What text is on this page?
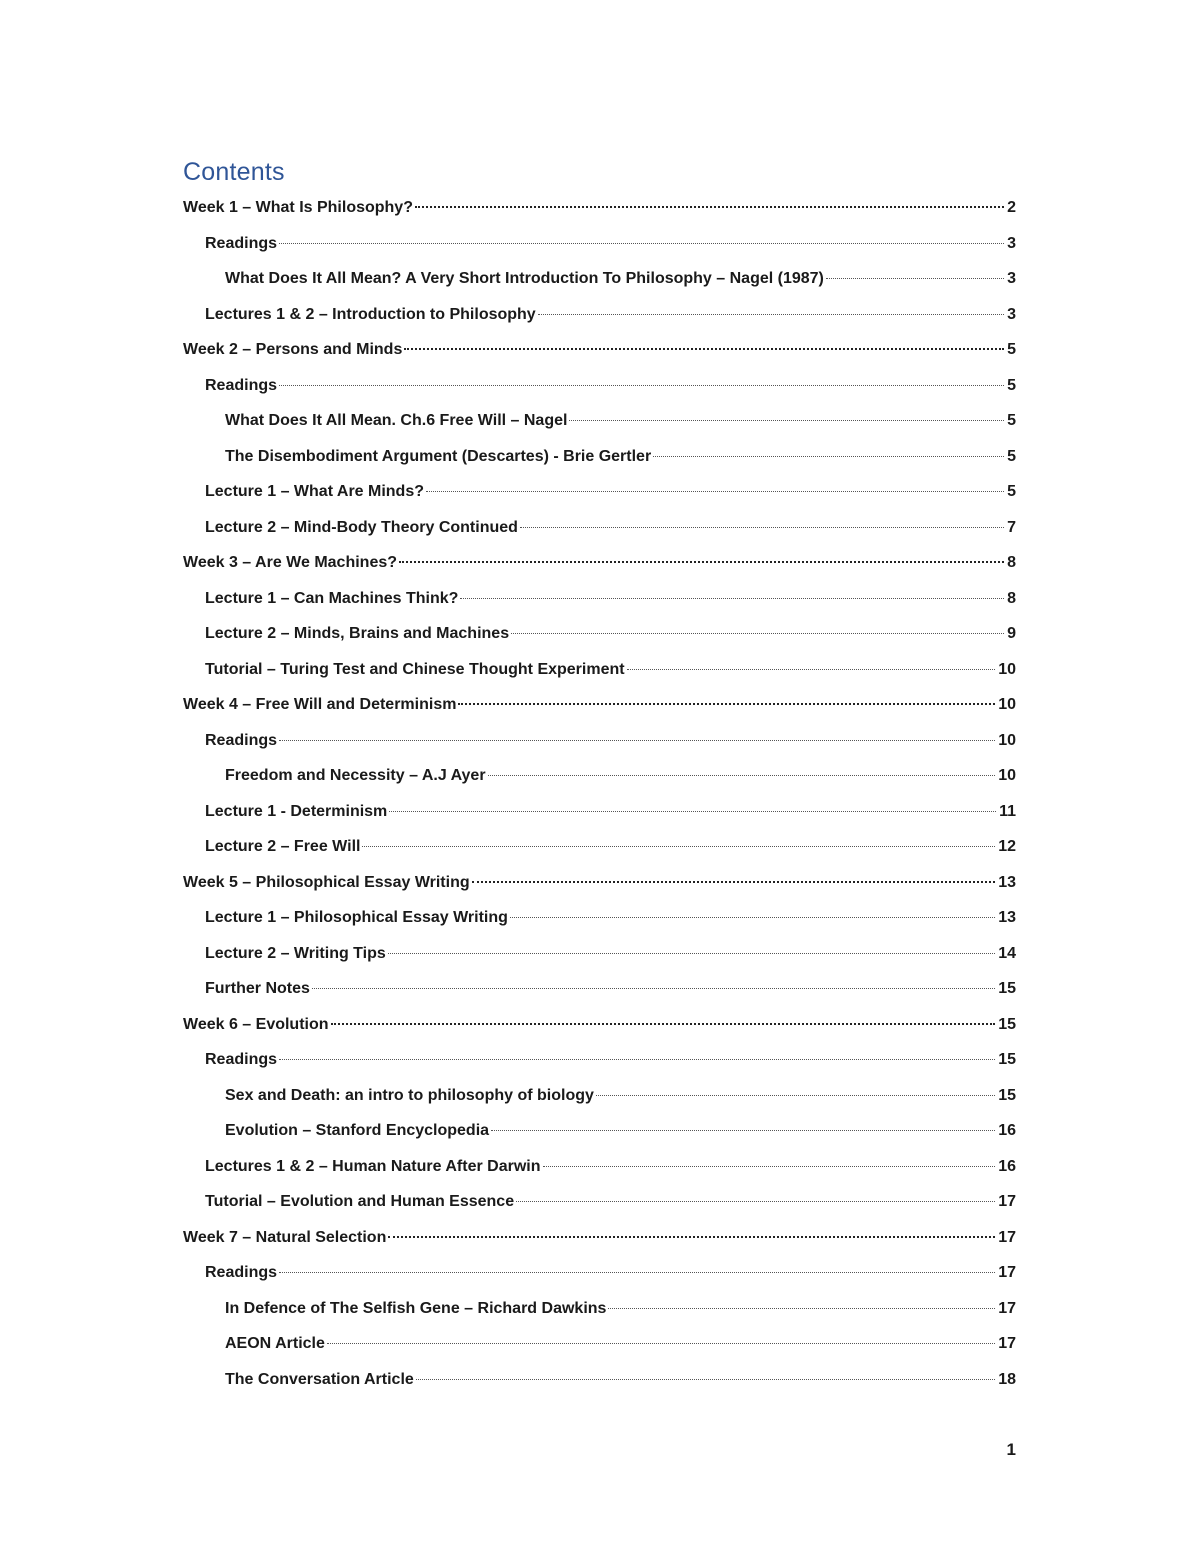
Contents
Week 1 – What Is Philosophy?	2
Readings	3
What Does It All Mean? A Very Short Introduction To Philosophy – Nagel (1987)	3
Lectures 1 & 2 – Introduction to Philosophy	3
Week 2 – Persons and Minds	5
Readings	5
What Does It All Mean. Ch.6 Free Will – Nagel	5
The Disembodiment Argument (Descartes) - Brie Gertler	5
Lecture 1 – What Are Minds?	5
Lecture 2 – Mind-Body Theory Continued	7
Week 3 – Are We Machines?	8
Lecture 1 – Can Machines Think?	8
Lecture 2 – Minds, Brains and Machines	9
Tutorial – Turing Test and Chinese Thought Experiment	10
Week 4 – Free Will and Determinism	10
Readings	10
Freedom and Necessity – A.J Ayer	10
Lecture 1 - Determinism	11
Lecture 2 – Free Will	12
Week 5 – Philosophical Essay Writing	13
Lecture 1 – Philosophical Essay Writing	13
Lecture 2 – Writing Tips	14
Further Notes	15
Week 6 – Evolution	15
Readings	15
Sex and Death: an intro to philosophy of biology	15
Evolution – Stanford Encyclopedia	16
Lectures 1 & 2 – Human Nature After Darwin	16
Tutorial – Evolution and Human Essence	17
Week 7 – Natural Selection	17
Readings	17
In Defence of The Selfish Gene – Richard Dawkins	17
AEON Article	17
The Conversation Article	18
1
